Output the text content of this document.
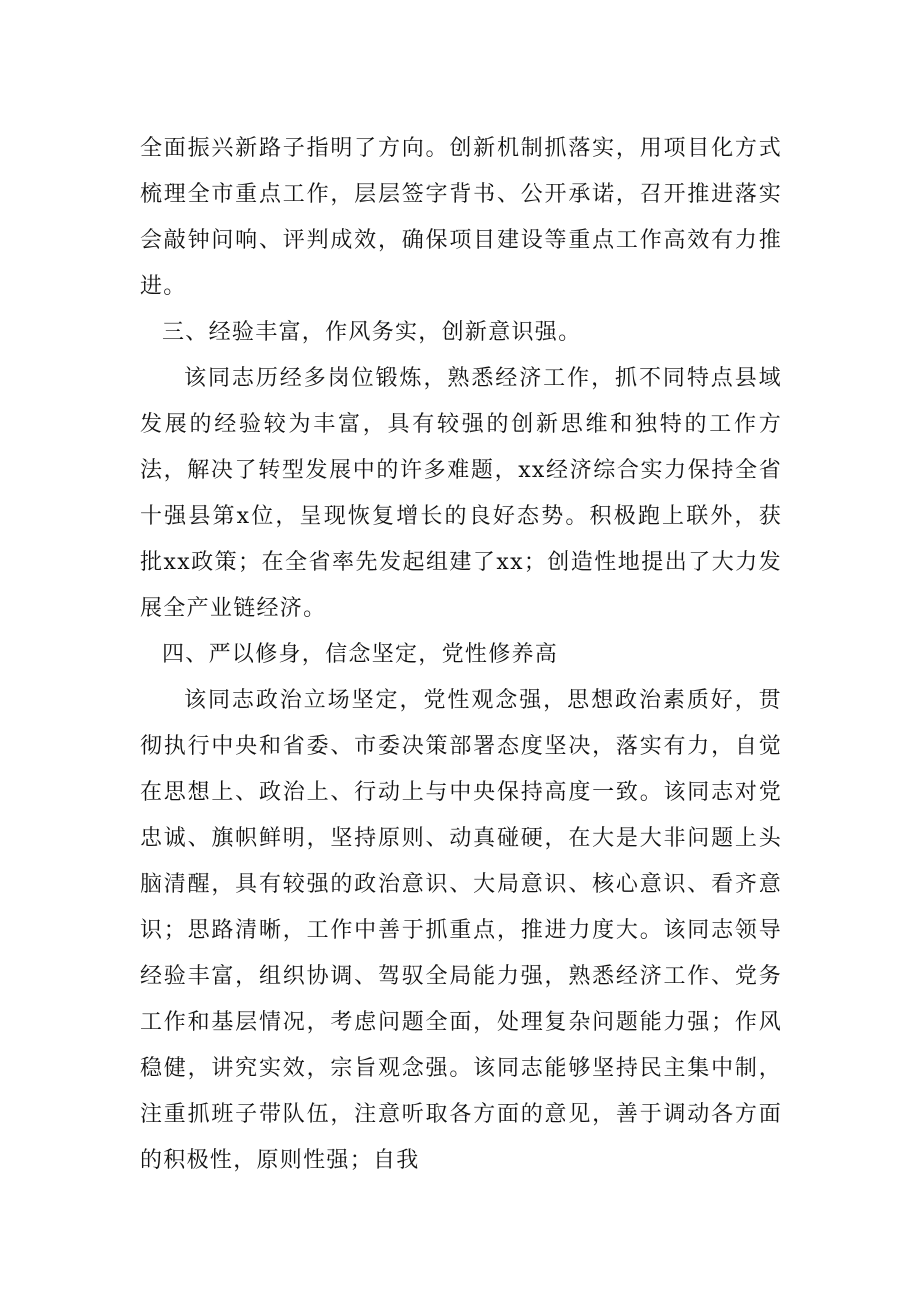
全面振兴新路子指明了方向。创新机制抓落实，用项目化方式梳理全市重点工作，层层签字背书、公开承诺，召开推进落实会敲钟问响、评判成效，确保项目建设等重点工作高效有力推进。

三、经验丰富，作风务实，创新意识强。

该同志历经多岗位锻炼，熟悉经济工作，抓不同特点县域发展的经验较为丰富，具有较强的创新思维和独特的工作方法，解决了转型发展中的许多难题，xx经济综合实力保持全省十强县第x位，呈现恢复增长的良好态势。积极跑上联外，获批xx政策；在全省率先发起组建了xx；创造性地提出了大力发展全产业链经济。

四、严以修身，信念坚定，党性修养高

该同志政治立场坚定，党性观念强，思想政治素质好，贯彻执行中央和省委、市委决策部署态度坚决，落实有力，自觉在思想上、政治上、行动上与中央保持高度一致。该同志对党忠诚、旗帜鲜明，坚持原则、动真碰硬，在大是大非问题上头脑清醒，具有较强的政治意识、大局意识、核心意识、看齐意识；思路清晰，工作中善于抓重点，推进力度大。该同志领导经验丰富，组织协调、驾驭全局能力强，熟悉经济工作、党务工作和基层情况，考虑问题全面，处理复杂问题能力强；作风稳健，讲究实效，宗旨观念强。该同志能够坚持民主集中制，注重抓班子带队伍，注意听取各方面的意见，善于调动各方面的积极性，原则性强；自我
